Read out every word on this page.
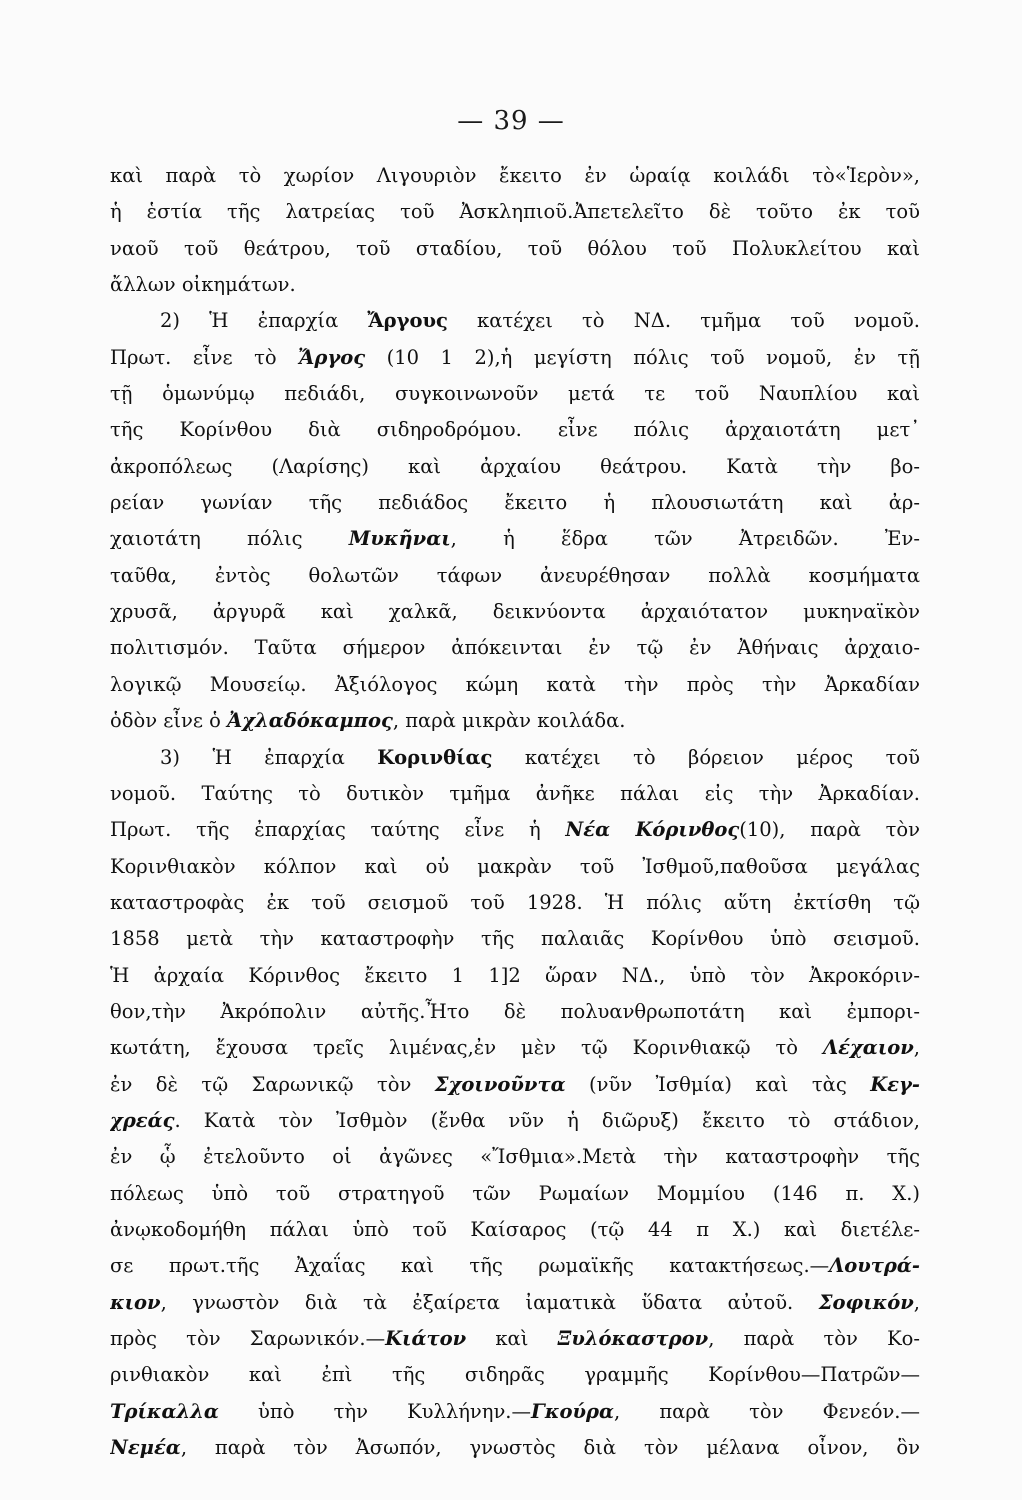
— 39 —
καὶ παρὰ τὸ χωρίον Λιγουριὸν ἔκειτο ἐν ὡραίᾳ κοιλάδι τὸ«Ἱερὸν»,
ἡ ἑστία τῆς λατρείας τοῦ Ἀσκληπιοῦ.Ἀπετελεῖτο δὲ τοῦτο ἐκ τοῦ
ναοῦ τοῦ θεάτρου, τοῦ σταδίου, τοῦ θόλου τοῦ Πολυκλείτου καὶ
ἄλλων οἰκημάτων.
2) Ἡ ἐπαρχία Ἄργους κατέχει τὸ ΝΔ. τμῆμα τοῦ νομοῦ.
Πρωτ. εἶνε τὸ Ἄργος (10 1 2),ἡ μεγίστη πόλις τοῦ νομοῦ, ἐν τῇ
τῇ ὁμωνύμῳ πεδιάδι, συγκοινωνοῦν μετά τε τοῦ Ναυπλίου καὶ
τῆς Κορίνθου διὰ σιδηροδρόμου. εἶνε πόλις ἀρχαιοτάτη μετ᾽
ἀκροπόλεως (Λαρίσης) καὶ ἀρχαίου θεάτρου. Κατὰ τὴν βο-
ρείαν γωνίαν τῆς πεδιάδος ἔκειτο ἡ πλουσιωτάτη καὶ ἀρ-
χαιοτάτη πόλις Μυκῆναι, ἡ ἕδρα τῶν Ἀτρειδῶν. Ἐν-
ταῦθα, ἐντὸς θολωτῶν τάφων ἀνευρέθησαν πολλὰ κοσμήματα
χρυσᾶ, ἀργυρᾶ καὶ χαλκᾶ, δεικνύοντα ἀρχαιότατον μυκηναϊκὸν
πολιτισμόν. Ταῦτα σήμερον ἀπόκεινται ἐν τῷ ἐν Ἀθήναις ἀρχαιο-
λογικῷ Μουσείῳ. Ἀξιόλογος κώμη κατὰ τὴν πρὸς τὴν Ἀρκαδίαν
ὁδὸν εἶνε ὁ Ἀχλαδόκαμπος, παρὰ μικρὰν κοιλάδα.
3) Ἡ ἐπαρχία Κορινθίας κατέχει τὸ βόρειον μέρος τοῦ
νομοῦ. Ταύτης τὸ δυτικὸν τμῆμα ἀνῆκε πάλαι εἰς τὴν Ἀρκαδίαν.
Πρωτ. τῆς ἐπαρχίας ταύτης εἶνε ἡ Νέα Κόρινθος(10), παρὰ τὸν
Κορινθιακὸν κόλπον καὶ οὐ μακρὰν τοῦ Ἰσθμοῦ,παθοῦσα μεγάλας
καταστροφὰς ἐκ τοῦ σεισμοῦ τοῦ 1928. Ἡ πόλις αὕτη ἐκτίσθη τῷ
1858 μετὰ τὴν καταστροφὴν τῆς παλαιᾶς Κορίνθου ὑπὸ σεισμοῦ.
Ἡ ἀρχαία Κόρινθος ἔκειτο 1 1]2 ὥραν ΝΔ., ὑπὸ τὸν Ἀκροκόριν-
θον,τὴν Ἀκρόπολιν αὐτῆς.Ἦτο δὲ πολυανθρωποτάτη καὶ ἐμπορι-
κωτάτη, ἔχουσα τρεῖς λιμένας,ἐν μὲν τῷ Κορινθιακῷ τὸ Λέχαιον,
ἐν δὲ τῷ Σαρωνικῷ τὸν Σχοινοῦντα (νῦν Ἰσθμία) καὶ τὰς Κεγ-
χρεάς. Κατὰ τὸν Ἰσθμὸν (ἔνθα νῦν ἡ διῶρυξ) ἔκειτο τὸ στάδιον,
ἐν ᾧ ἐτελοῦντο οἱ ἀγῶνες «Ἴσθμια».Μετὰ τὴν καταστροφὴν τῆς
πόλεως ὑπὸ τοῦ στρατηγοῦ τῶν Ρωμαίων Μομμίου (146 π. Χ.)
ἀνῳκοδομήθη πάλαι ὑπὸ τοῦ Καίσαρος (τῷ 44 π Χ.) καὶ διετέλε-
σε πρωτ.τῆς Ἀχαΐας καὶ τῆς ρωμαϊκῆς κατακτήσεως.—Λουτρά-
κιον, γνωστὸν διὰ τὰ ἐξαίρετα ἰαματικὰ ὕδατα αὐτοῦ. Σοφικόν,
πρὸς τὸν Σαρωνικόν.—Κιάτον καὶ Ξυλόκαστρον, παρὰ τὸν Κο-
ρινθιακὸν καὶ ἐπὶ τῆς σιδηρᾶς γραμμῆς Κορίνθου—Πατρῶν—
Τρίκαλλα ὑπὸ τὴν Κυλλήνην.—Γκούρα, παρὰ τὸν Φενεόν.—
Νεμέα, παρὰ τὸν Ἀσωπόν, γνωστὸς διὰ τὸν μέλανα οἶνον, ὃν
